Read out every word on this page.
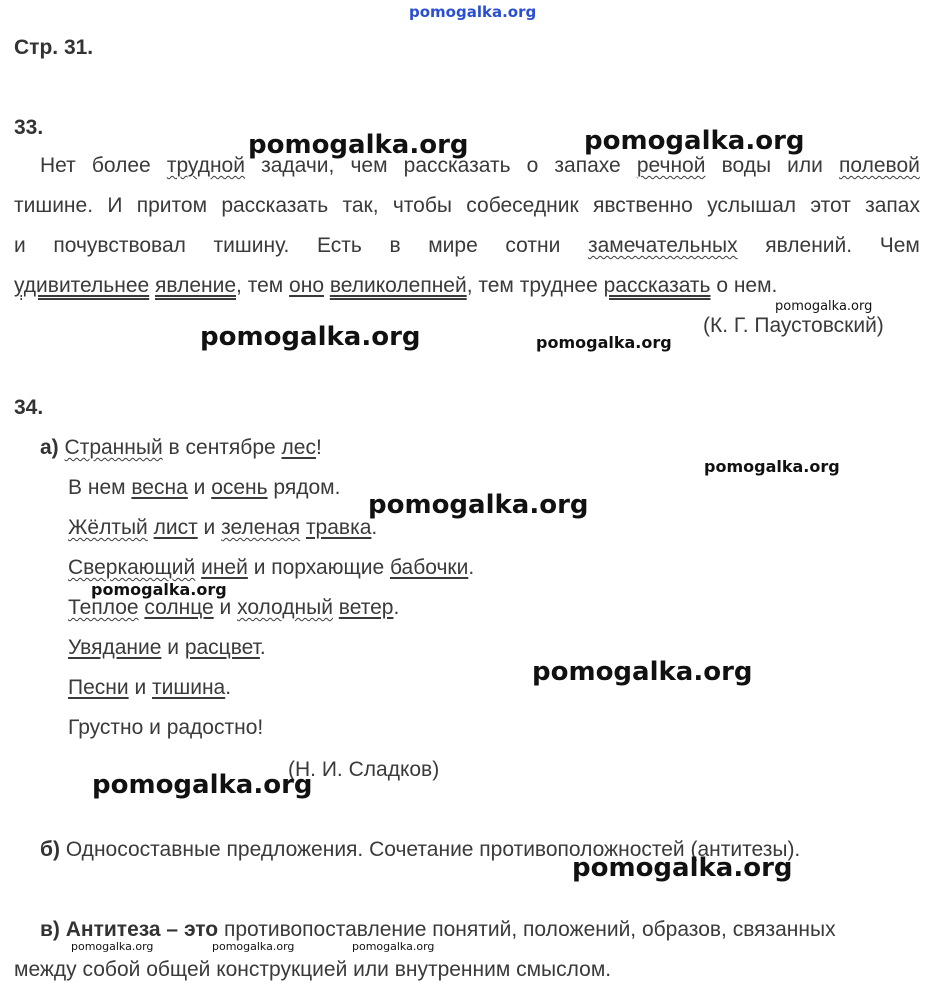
pomogalka.org
Стр. 31.
33.
Нет более трудной задачи, чем рассказать о запахе речной воды или полевой
тишине. И притом рассказать так, чтобы собеседник явственно услышал этот запах
и почувствовал тишину. Есть в мире сотни замечательных явлений. Чем
удивительнее явление, тем оно великолепней, тем труднее рассказать о нем.
(К. Г. Паустовский)
34.
а) Странный в сентябре лес!
В нем весна и осень рядом.
Жёлтый лист и зеленая травка.
Сверкающий иней и порхающие бабочки.
Теплое солнце и холодный ветер.
Увядание и расцвет.
Песни и тишина.
Грустно и радостно!
(Н. И. Сладков)
б) Односоставные предложения. Сочетание противоположностей (антитезы).
в) Антитеза – это противопоставление понятий, положений, образов, связанных
между собой общей конструкцией или внутренним смыслом.
pomogalka.org	pomogalka.org
pomogalka.org
pomogalka.org	pomogalka.org
pomogalka.org
pomogalka.org
pomogalka.org
pomogalka.org
pomogalka.org
pomogalka.org
pomogalka.org	pomogalka.org	pomogalka.org
